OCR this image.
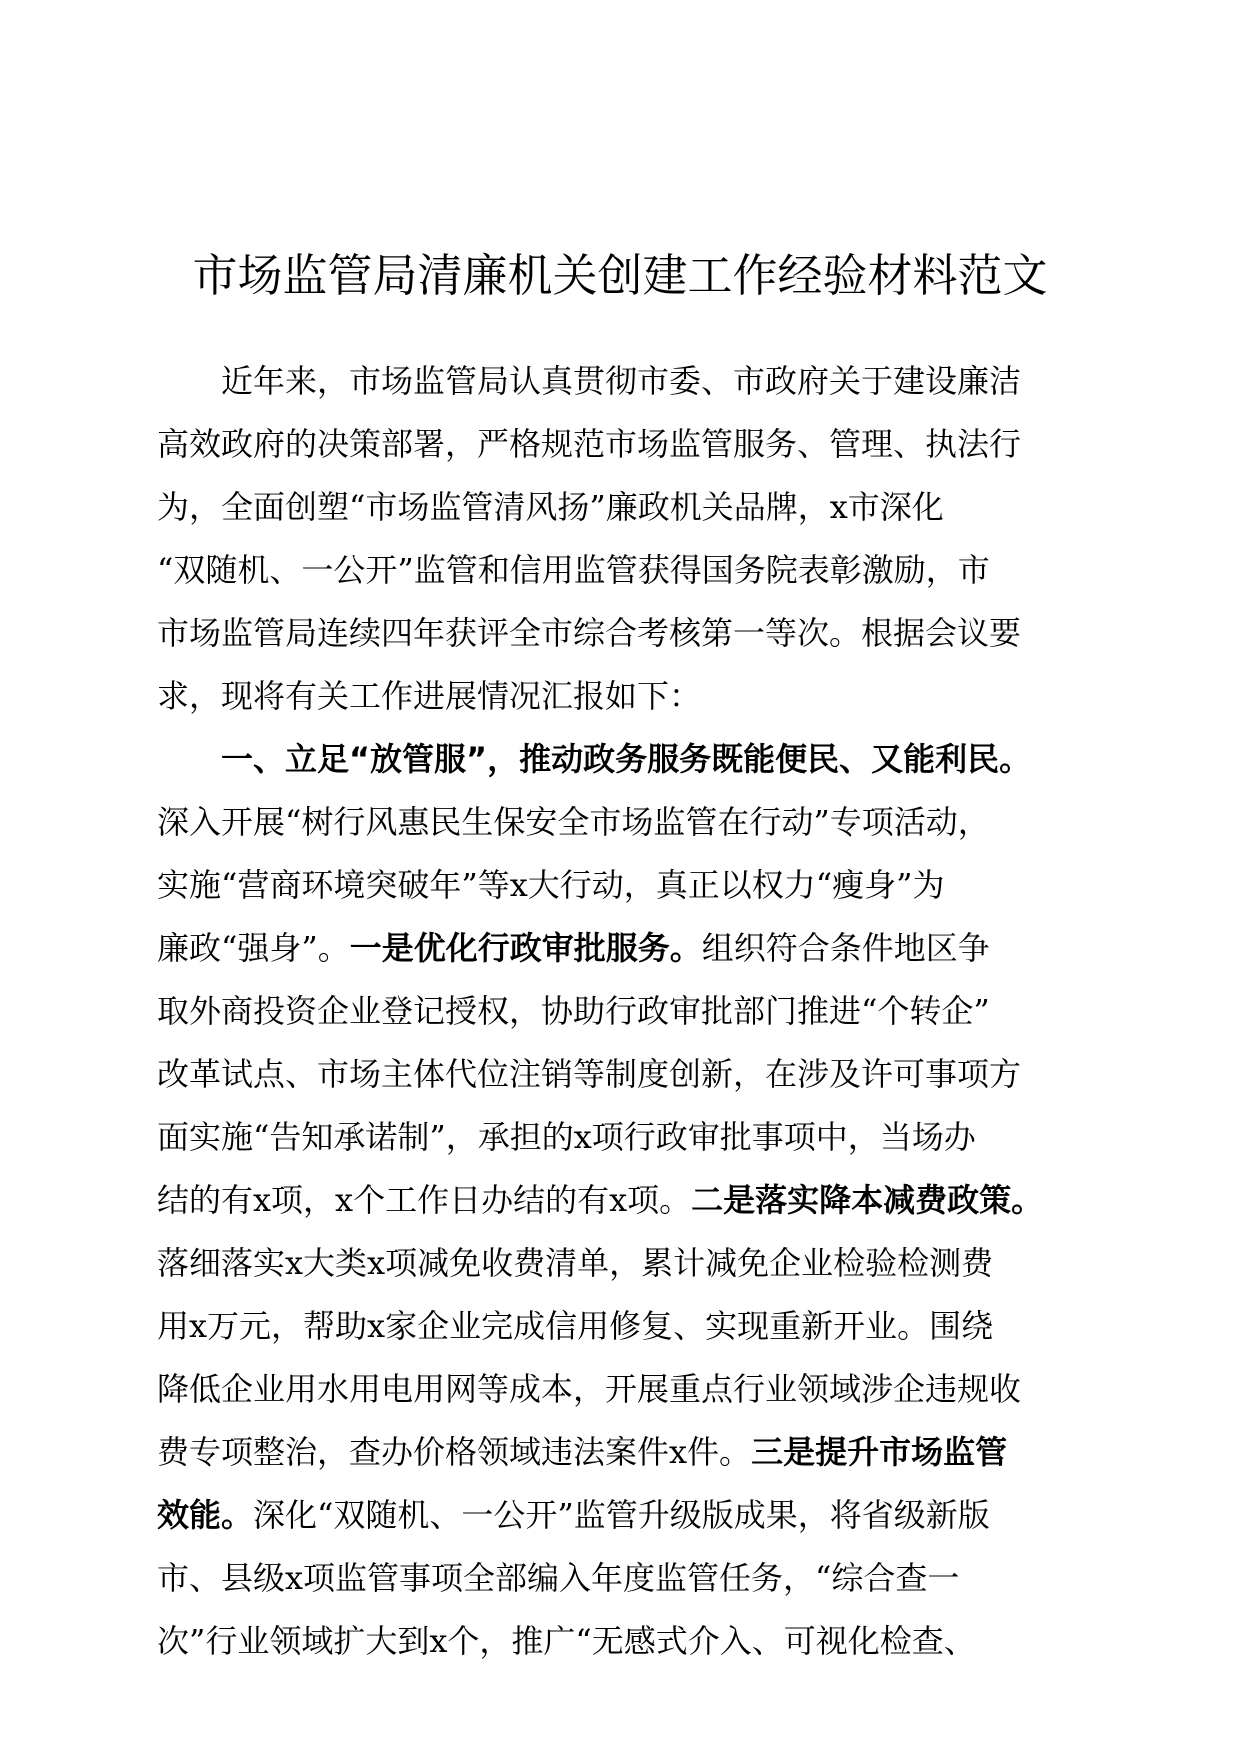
市场监管局清廉机关创建工作经验材料范文
近年来，市场监管局认真贯彻市委、市政府关于建设廉洁
高效政府的决策部署，严格规范市场监管服务、管理、执法行
为，全面创塑“市场监管清风扬”廉政机关品牌，x市深化
“双随机、一公开”监管和信用监管获得国务院表彰激励，市
市场监管局连续四年获评全市综合考核第一等次。根据会议要
求，现将有关工作进展情况汇报如下：
一、立足“放管服”，推动政务服务既能便民、又能利民。
深入开展“树行风惠民生保安全市场监管在行动”专项活动，
实施“营商环境突破年”等x大行动，真正以权力“瘦身”为
廉政“强身”。一是优化行政审批服务。组织符合条件地区争
取外商投资企业登记授权，协助行政审批部门推进“个转企”
改革试点、市场主体代位注销等制度创新，在涉及许可事项方
面实施“告知承诺制”，承担的x项行政审批事项中，当场办
结的有x项，x个工作日办结的有x项。二是落实降本减费政策。
落细落实x大类x项减免收费清单，累计减免企业检验检测费
用x万元，帮助x家企业完成信用修复、实现重新开业。围绕
降低企业用水用电用网等成本，开展重点行业领域涉企违规收
费专项整治，查办价格领域违法案件x件。三是提升市场监管
效能。深化“双随机、一公开”监管升级版成果，将省级新版
市、县级x项监管事项全部编入年度监管任务，“综合查一
次”行业领域扩大到x个，推广“无感式介入、可视化检查、
